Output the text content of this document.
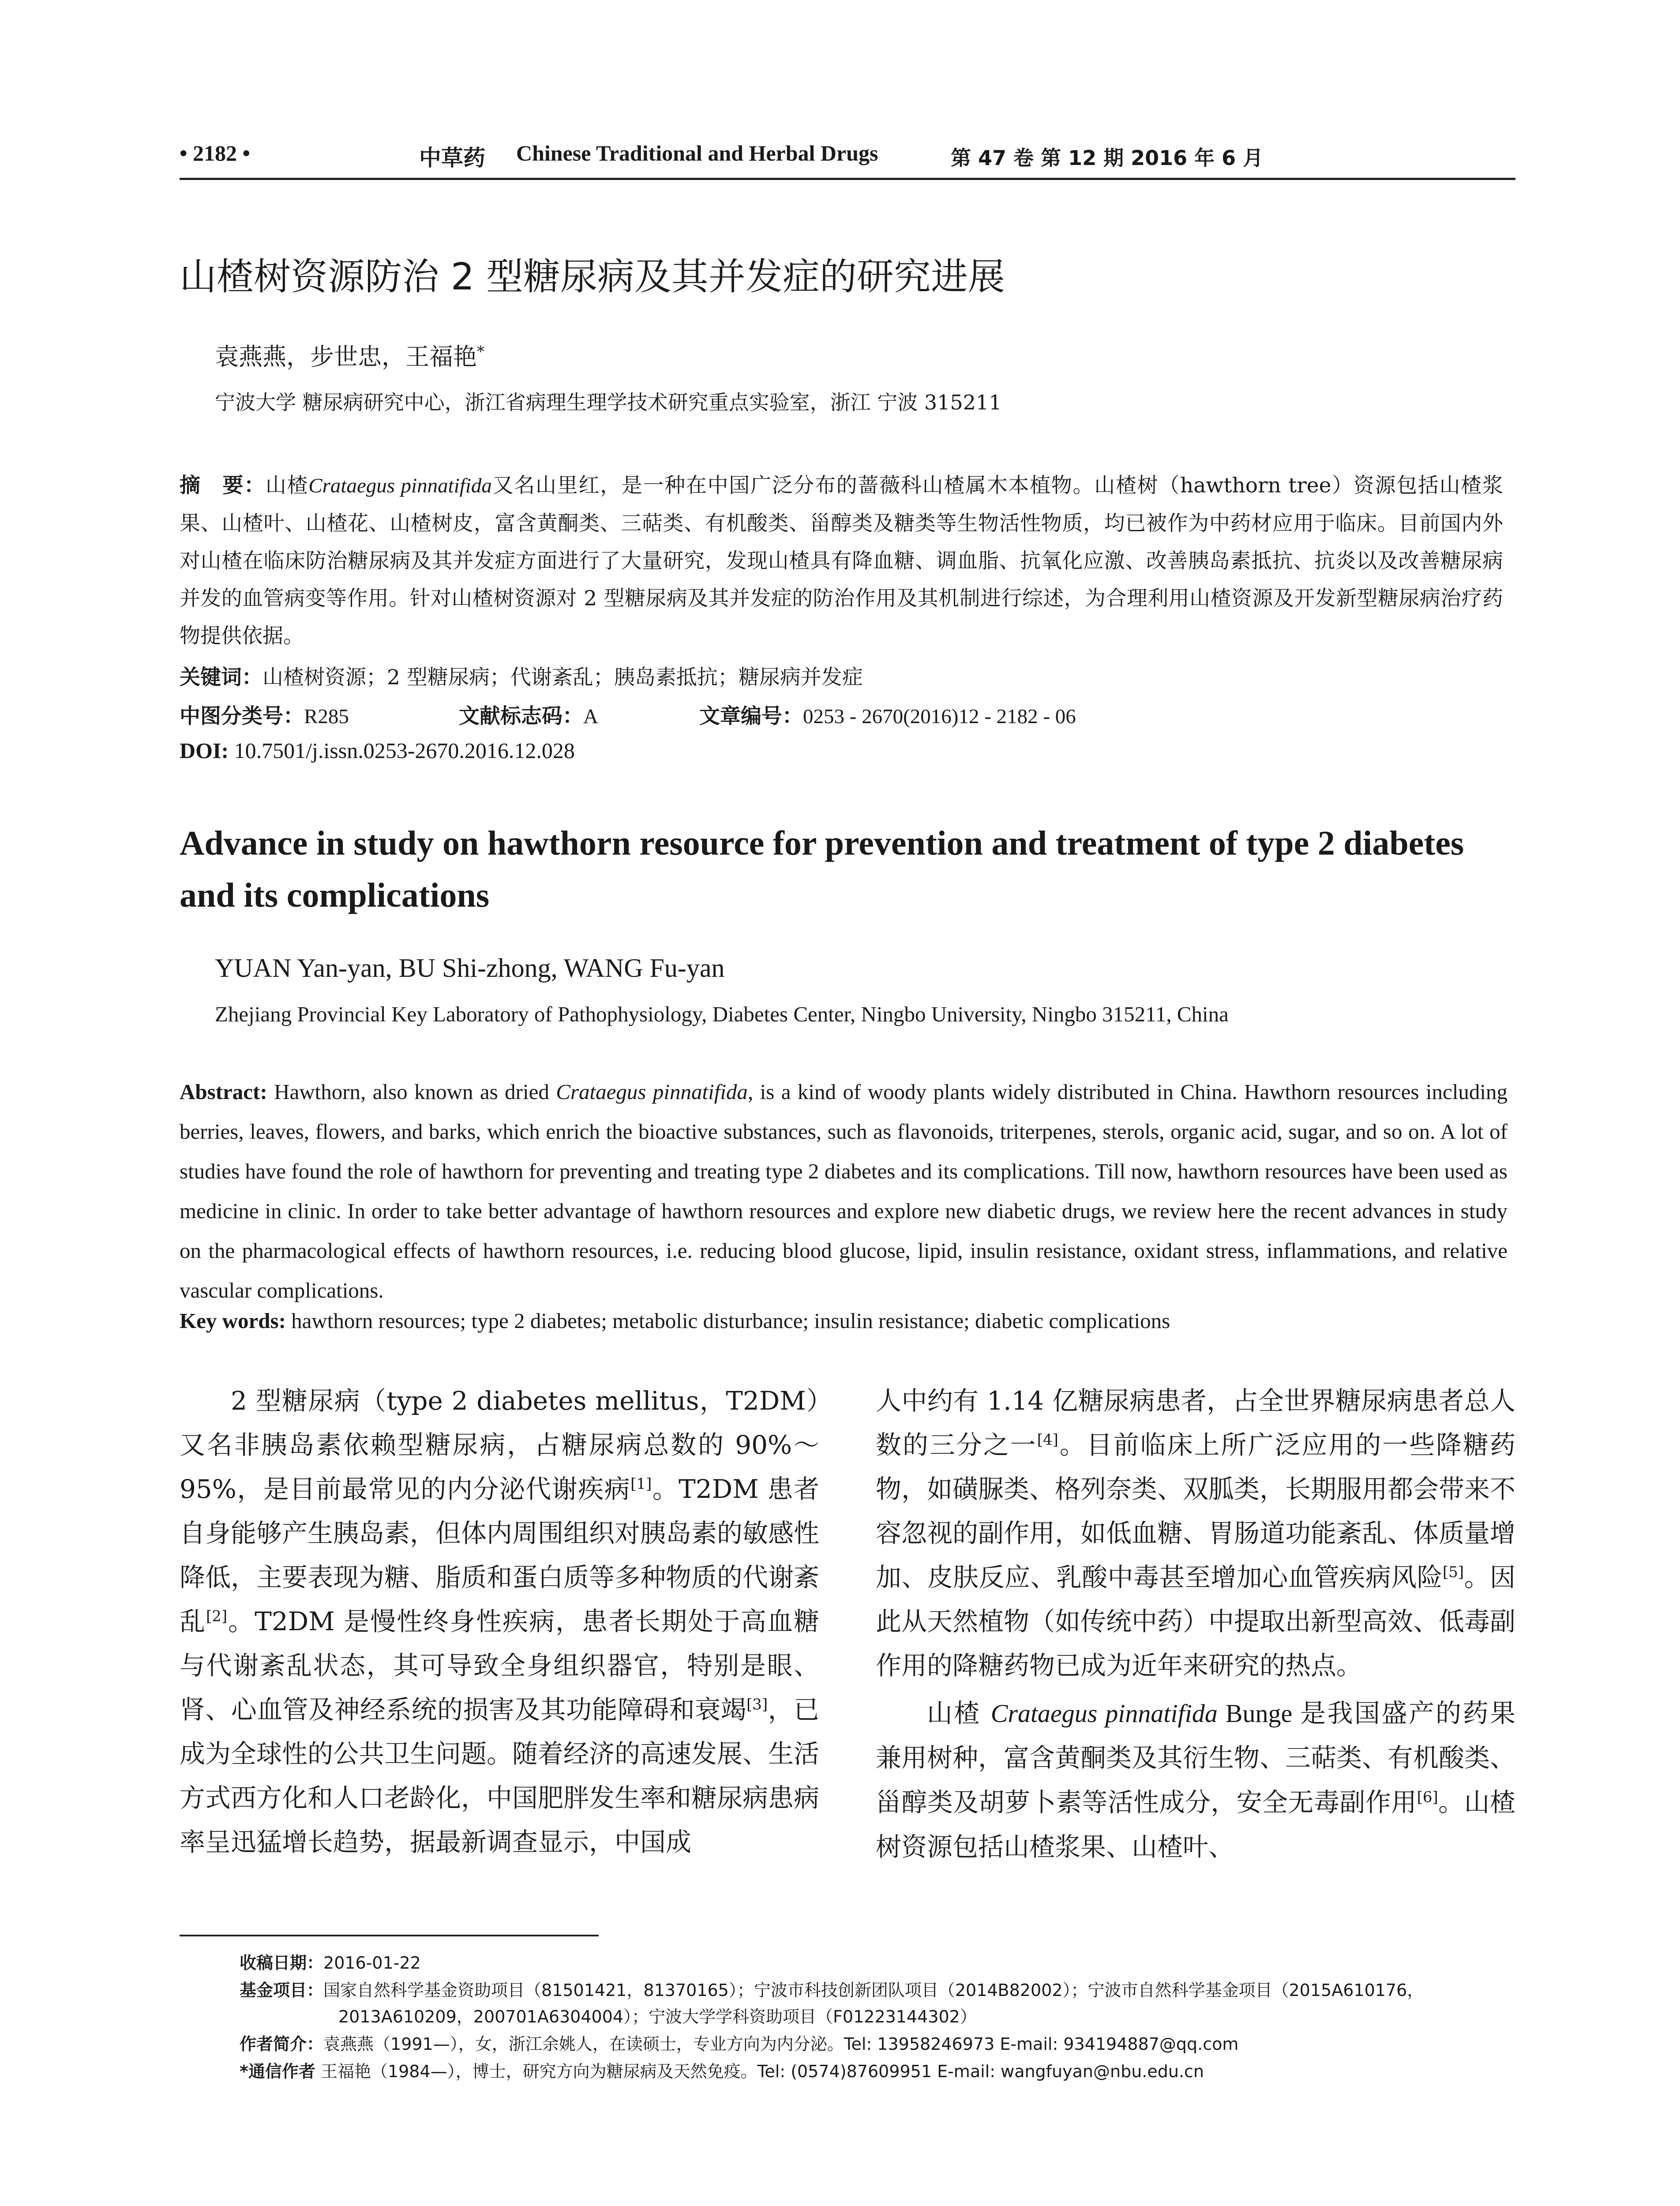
• 2182 •	中草药 Chinese Traditional and Herbal Drugs	第 47 卷 第 12 期 2016 年 6 月
山楂树资源防治 2 型糖尿病及其并发症的研究进展
袁燕燕，步世忠，王福艳*
宁波大学 糖尿病研究中心，浙江省病理生理学技术研究重点实验室，浙江 宁波 315211
摘　要：山楂Crataegus pinnatifida又名山里红，是一种在中国广泛分布的蔷薇科山楂属木本植物。山楂树（hawthorn tree）资源包括山楂浆果、山楂叶、山楂花、山楂树皮，富含黄酮类、三萜类、有机酸类、甾醇类及糖类等生物活性物质，均已被作为中药材应用于临床。目前国内外对山楂在临床防治糖尿病及其并发症方面进行了大量研究，发现山楂具有降血糖、调血脂、抗氧化应激、改善胰岛素抵抗、抗炎以及改善糖尿病并发的血管病变等作用。针对山楂树资源对 2 型糖尿病及其并发症的防治作用及其机制进行综述，为合理利用山楂资源及开发新型糖尿病治疗药物提供依据。
关键词：山楂树资源；2 型糖尿病；代谢紊乱；胰岛素抵抗；糖尿病并发症
中图分类号：R285	文献标志码：A	文章编号：0253 - 2670(2016)12 - 2182 - 06
DOI: 10.7501/j.issn.0253-2670.2016.12.028
Advance in study on hawthorn resource for prevention and treatment of type 2 diabetes and its complications
YUAN Yan-yan, BU Shi-zhong, WANG Fu-yan
Zhejiang Provincial Key Laboratory of Pathophysiology, Diabetes Center, Ningbo University, Ningbo 315211, China
Abstract: Hawthorn, also known as dried Crataegus pinnatifida, is a kind of woody plants widely distributed in China. Hawthorn resources including berries, leaves, flowers, and barks, which enrich the bioactive substances, such as flavonoids, triterpenes, sterols, organic acid, sugar, and so on. A lot of studies have found the role of hawthorn for preventing and treating type 2 diabetes and its complications. Till now, hawthorn resources have been used as medicine in clinic. In order to take better advantage of hawthorn resources and explore new diabetic drugs, we review here the recent advances in study on the pharmacological effects of hawthorn resources, i.e. reducing blood glucose, lipid, insulin resistance, oxidant stress, inflammations, and relative vascular complications.
Key words: hawthorn resources; type 2 diabetes; metabolic disturbance; insulin resistance; diabetic complications

2 型糖尿病（type 2 diabetes mellitus，T2DM）又名非胰岛素依赖型糖尿病，占糖尿病总数的 90%～95%，是目前最常见的内分泌代谢疾病[1]。T2DM 患者自身能够产生胰岛素，但体内周围组织对胰岛素的敏感性降低，主要表现为糖、脂质和蛋白质等多种物质的代谢紊乱[2]。T2DM 是慢性终身性疾病，患者长期处于高血糖与代谢紊乱状态，其可导致全身组织器官，特别是眼、肾、心血管及神经系统的损害及其功能障碍和衰竭[3]，已成为全球性的公共卫生问题。随着经济的高速发展、生活方式西方化和人口老龄化，中国肥胖发生率和糖尿病患病率呈迅猛增长趋势，据最新调查显示，中国成

人中约有 1.14 亿糖尿病患者，占全世界糖尿病患者总人数的三分之一[4]。目前临床上所广泛应用的一些降糖药物，如磺脲类、格列奈类、双胍类，长期服用都会带来不容忽视的副作用，如低血糖、胃肠道功能紊乱、体质量增加、皮肤反应、乳酸中毒甚至增加心血管疾病风险[5]。因此从天然植物（如传统中药）中提取出新型高效、低毒副作用的降糖药物已成为近年来研究的热点。

山楂 Crataegus pinnatifida Bunge 是我国盛产的药果兼用树种，富含黄酮类及其衍生物、三萜类、有机酸类、甾醇类及胡萝卜素等活性成分，安全无毒副作用[6]。山楂树资源包括山楂浆果、山楂叶、

收稿日期：2016-01-22
基金项目：国家自然科学基金资助项目（81501421，81370165）；宁波市科技创新团队项目（2014B82002）；宁波市自然科学基金项目（2015A610176，
2013A610209，200701A6304004）；宁波大学学科资助项目（F01223144302）
作者简介：袁燕燕（1991—），女，浙江余姚人，在读硕士，专业方向为内分泌。Tel: 13958246973 E-mail: 934194887@qq.com
*通信作者 王福艳（1984—），博士，研究方向为糖尿病及天然免疫。Tel: (0574)87609951 E-mail: wangfuyan@nbu.edu.cn
